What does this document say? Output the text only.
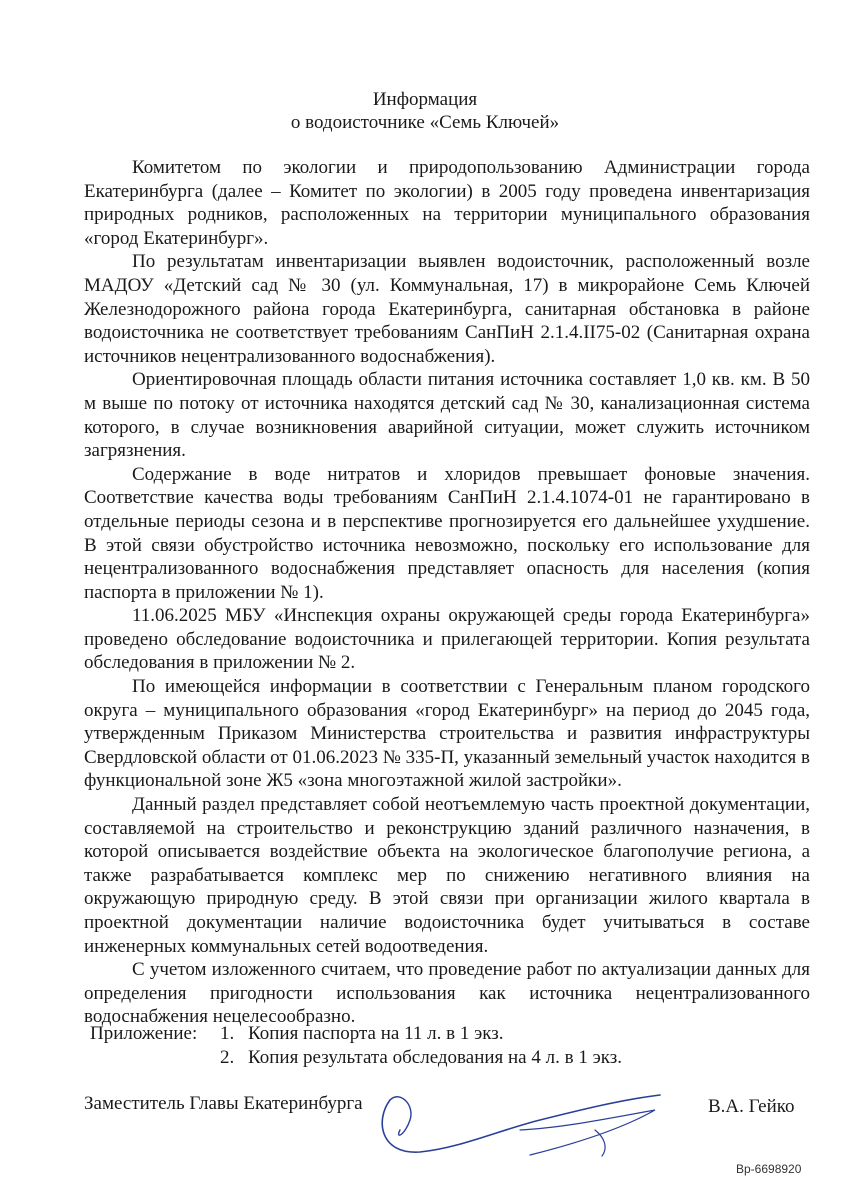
Информация
о водоисточнике «Семь Ключей»

Комитетом по экологии и природопользованию Администрации города Екатеринбурга (далее – Комитет по экологии) в 2005 году проведена инвентаризация природных родников, расположенных на территории муниципального образования «город Екатеринбург».

По результатам инвентаризации выявлен водоисточник, расположенный возле МАДОУ «Детский сад № 30 (ул. Коммунальная, 17) в микрорайоне Семь Ключей Железнодорожного района города Екатеринбурга, санитарная обстановка в районе водоисточника не соответствует требованиям СанПиН 2.1.4.II75-02 (Санитарная охрана источников нецентрализованного водоснабжения).

Ориентировочная площадь области питания источника составляет 1,0 кв. км. В 50 м выше по потоку от источника находятся детский сад № 30, канализационная система которого, в случае возникновения аварийной ситуации, может служить источником загрязнения.

Содержание в воде нитратов и хлоридов превышает фоновые значения. Соответствие качества воды требованиям СанПиН 2.1.4.1074-01 не гарантировано в отдельные периоды сезона и в перспективе прогнозируется его дальнейшее ухудшение. В этой связи обустройство источника невозможно, поскольку его использование для нецентрализованного водоснабжения представляет опасность для населения (копия паспорта в приложении № 1).

11.06.2025 МБУ «Инспекция охраны окружающей среды города Екатеринбурга» проведено обследование водоисточника и прилегающей территории. Копия результата обследования в приложении № 2.

По имеющейся информации в соответствии с Генеральным планом городского округа – муниципального образования «город Екатеринбург» на период до 2045 года, утвержденным Приказом Министерства строительства и развития инфраструктуры Свердловской области от 01.06.2023 № 335-П, указанный земельный участок находится в функциональной зоне Ж5 «зона многоэтажной жилой застройки».

Данный раздел представляет собой неотъемлемую часть проектной документации, составляемой на строительство и реконструкцию зданий различного назначения, в которой описывается воздействие объекта на экологическое благополучие региона, а также разрабатывается комплекс мер по снижению негативного влияния на окружающую природную среду. В этой связи при организации жилого квартала в проектной документации наличие водоисточника будет учитываться в составе инженерных коммунальных сетей водоотведения.

С учетом изложенного считаем, что проведение работ по актуализации данных для определения пригодности использования как источника нецентрализованного водоснабжения нецелесообразно.

Приложение: 1. Копия паспорта на 11 л. в 1 экз.
2. Копия результата обследования на 4 л. в 1 экз.
Заместитель Главы Екатеринбурга	В.А. Гейко
Вр-6698920
